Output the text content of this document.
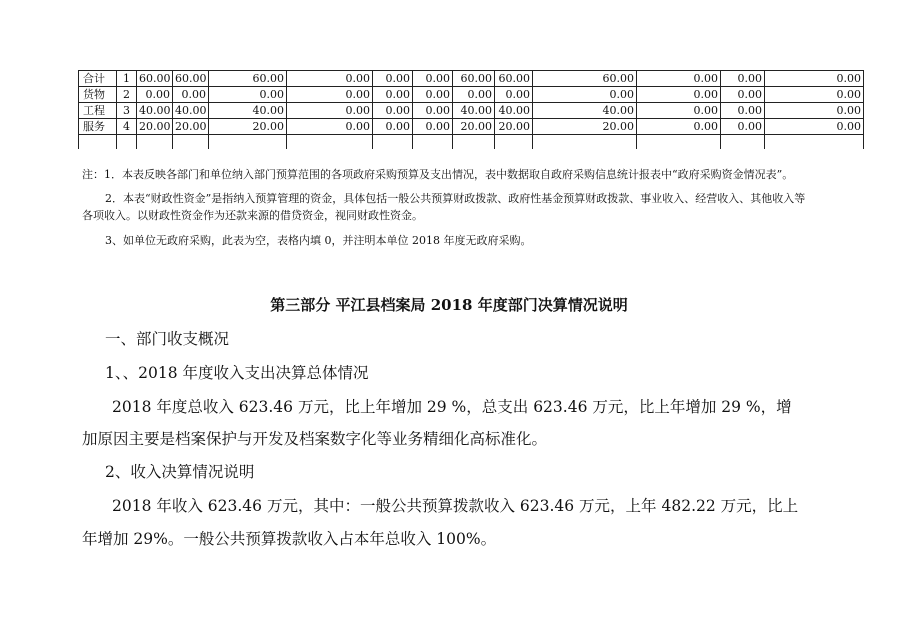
合计	1	60.00	60.00	60.00	0.00	0.00	0.00	60.00	60.00	60.00	0.00	0.00	0.00
货物	2	0.00	0.00	0.00	0.00	0.00	0.00	0.00	0.00	0.00	0.00	0.00	0.00
工程	3	40.00	40.00	40.00	0.00	0.00	0.00	40.00	40.00	40.00	0.00	0.00	0.00
服务	4	20.00	20.00	20.00	0.00	0.00	0.00	20.00	20.00	20.00	0.00	0.00	0.00

注：1．本表反映各部门和单位纳入部门预算范围的各项政府采购预算及支出情况，表中数据取自政府采购信息统计报表中“政府采购资金情况表”。

2．本表“财政性资金”是指纳入预算管理的资金，具体包括一般公共预算财政拨款、政府性基金预算财政拨款、事业收入、经营收入、其他收入等

各项收入。以财政性资金作为还款来源的借贷资金，视同财政性资金。

3、如单位无政府采购，此表为空，表格内填 0，并注明本单位 2018 年度无政府采购。

第三部分 平江县档案局 2018 年度部门决算情况说明

一、部门收支概况

1、、2018 年度收入支出决算总体情况

2018 年度总收入 623.46 万元，比上年增加 29 %，总支出 623.46 万元，比上年增加 29 %，增

加原因主要是档案保护与开发及档案数字化等业务精细化高标准化。

2、收入决算情况说明

2018 年收入 623.46 万元，其中：一般公共预算拨款收入 623.46 万元，上年 482.22 万元，比上

年增加 29%。一般公共预算拨款收入占本年总收入 100%。
